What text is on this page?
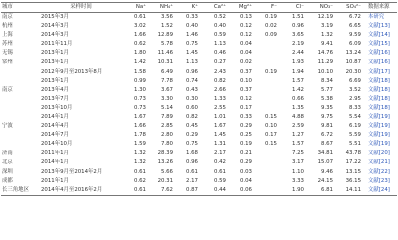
城市	采样时间	Na⁺	NH₄⁺	K⁺	Ca²⁺	Mg²⁺	F⁻	Cl⁻	NO₃⁻	SO₄²⁻	数据来源
南京	2015年3月	0.61	3.56	0.33	0.52	0.13	0.19	1.51	12.19	6.72	本研究
杭州	2014年3月	3.02	1.52	0.40	0.40	0.12	0.02	0.96	3.19	6.65	文献[13]
上海	2014年3月	1.66	12.89	1.46	0.59	0.12	0.09	3.65	1.32	9.59	文献[14]
苏州	2011年11月	0.62	5.78	0.75	1.13	0.04		2.19	9.41	6.09	文献[15]
无锡	2013年1月	1.80	11.46	1.45	0.46	0.04		2.44	14.76	13.24	文献[16]
常州	2013年1月	1.42	10.31	1.13	0.27	0.02		1.93	11.29	10.87	文献[16]
	2012年9月至2013年8月	1.58	6.49	0.96	2.43	0.37	0.19	1.94	10.10	20.30	文献[17]
	2013年1月	0.99	7.78	0.74	0.82	0.10		1.57	8.34	6.69	文献[18]
南京	2013年4月	1.30	3.67	0.43	2.66	0.37		1.42	5.77	3.52	文献[18]
	2013年7月	0.73	3.30	0.30	1.33	0.12		0.66	5.38	2.95	文献[18]
	2013年10月	0.73	5.14	0.60	2.55	0.17		1.35	9.35	8.33	文献[18]
	2014年1月	1.67	7.89	0.82	1.01	0.33	0.15	4.88	9.75	5.54	文献[19]
宁波	2014年4月	1.66	2.85	0.45	1.67	0.29	0.10	2.59	9.81	6.19	文献[19]
	2014年7月	1.78	2.80	0.29	1.45	0.25	0.17	1.27	6.72	5.59	文献[19]
	2014年10月	1.59	7.80	0.75	1.31	0.19	0.15	1.57	8.67	5.51	文献[19]
济南	2011年1月	1.32	28.39	1.68	2.17	0.21		7.25	34.81	43.78	文献[20]
北京	2014年1月	1.32	13.26	0.96	0.42	0.29		3.17	15.07	17.22	文献[21]
深圳	2013年9月至2014年2月	0.61	5.66	0.61	0.61	0.03		1.10	9.46	13.15	文献[22]
成都	2011年1月	0.62	20.31	2.17	0.59	0.04		3.33	24.15	36.15	文献[23]
长三角地区	2014年4月至2016年2月	0.61	7.62	0.87	0.44	0.06		1.90	6.81	14.11	文献[24]
